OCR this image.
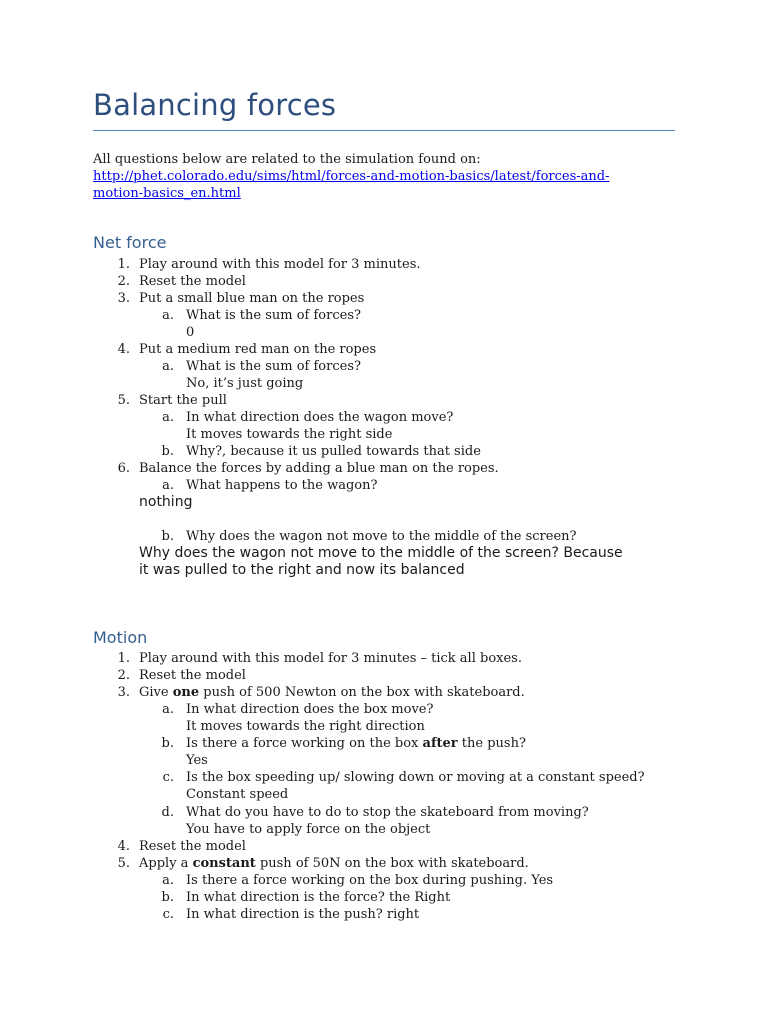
Balancing forces
All questions below are related to the simulation found on:
http://phet.colorado.edu/sims/html/forces-and-motion-basics/latest/forces-and-
motion-basics_en.html
Net force
1. Play around with this model for 3 minutes.
2. Reset the model
3. Put a small blue man on the ropes
a. What is the sum of forces?
0
4. Put a medium red man on the ropes
a. What is the sum of forces?
No, it’s just going
5. Start the pull
a. In what direction does the wagon move?
It moves towards the right side
b. Why?, because it us pulled towards that side
6. Balance the forces by adding a blue man on the ropes.
a. What happens to the wagon?
nothing
b. Why does the wagon not move to the middle of the screen?
Why does the wagon not move to the middle of the screen? Because
it was pulled to the right and now its balanced
Motion
1. Play around with this model for 3 minutes – tick all boxes.
2. Reset the model
3. Give one push of 500 Newton on the box with skateboard.
a. In what direction does the box move?
It moves towards the right direction
b. Is there a force working on the box after the push?
Yes
c. Is the box speeding up/ slowing down or moving at a constant speed?
Constant speed
d. What do you have to do to stop the skateboard from moving?
You have to apply force on the object
4. Reset the model
5. Apply a constant push of 50N on the box with skateboard.
a. Is there a force working on the box during pushing. Yes
b. In what direction is the force? the Right
c. In what direction is the push? right
